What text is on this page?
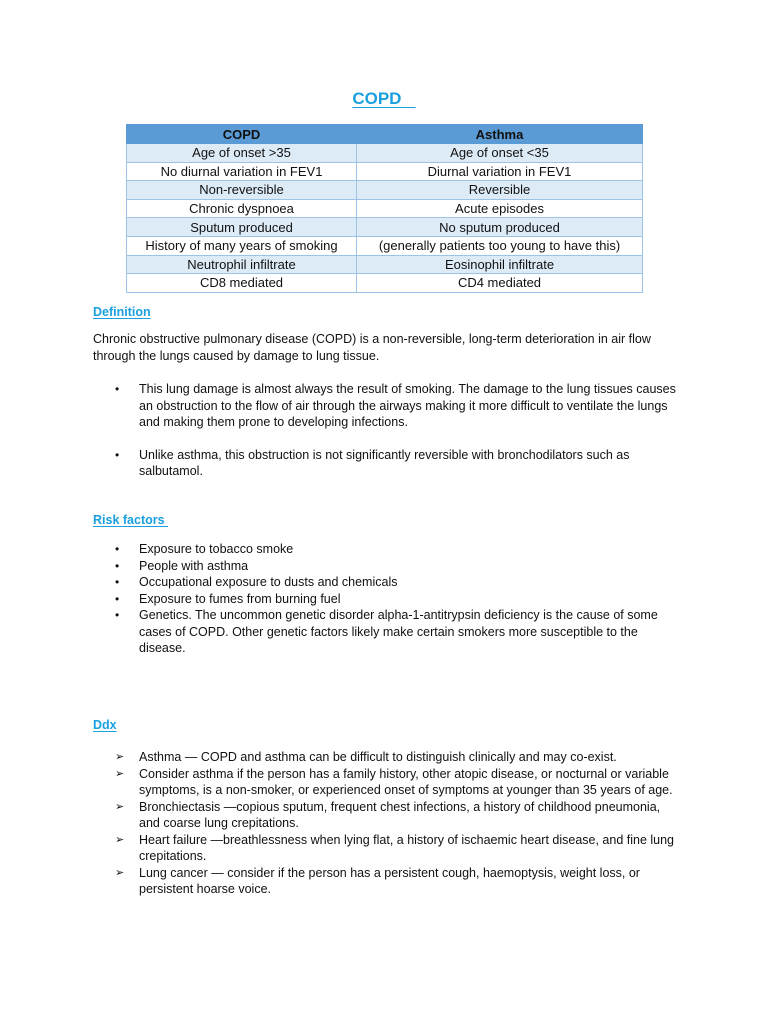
COPD
COPD	Asthma
Age of onset >35	Age of onset <35
No diurnal variation in FEV1	Diurnal variation in FEV1
Non-reversible	Reversible
Chronic dyspnoea	Acute episodes
Sputum produced	No sputum produced
History of many years of smoking	(generally patients too young to have this)
Neutrophil infiltrate	Eosinophil infiltrate
CD8 mediated	CD4 mediated
Definition
Chronic obstructive pulmonary disease (COPD) is a non-reversible, long-term deterioration in air flow through the lungs caused by damage to lung tissue.
• This lung damage is almost always the result of smoking. The damage to the lung tissues causes an obstruction to the flow of air through the airways making it more difficult to ventilate the lungs and making them prone to developing infections.
• Unlike asthma, this obstruction is not significantly reversible with bronchodilators such as salbutamol.
Risk factors
• Exposure to tobacco smoke
• People with asthma
• Occupational exposure to dusts and chemicals
• Exposure to fumes from burning fuel
• Genetics. The uncommon genetic disorder alpha-1-antitrypsin deficiency is the cause of some cases of COPD. Other genetic factors likely make certain smokers more susceptible to the disease.
Ddx
➢ Asthma — COPD and asthma can be difficult to distinguish clinically and may co-exist.
➢ Consider asthma if the person has a family history, other atopic disease, or nocturnal or variable symptoms, is a non-smoker, or experienced onset of symptoms at younger than 35 years of age.
➢ Bronchiectasis —copious sputum, frequent chest infections, a history of childhood pneumonia, and coarse lung crepitations.
➢ Heart failure —breathlessness when lying flat, a history of ischaemic heart disease, and fine lung crepitations.
➢ Lung cancer — consider if the person has a persistent cough, haemoptysis, weight loss, or persistent hoarse voice.
